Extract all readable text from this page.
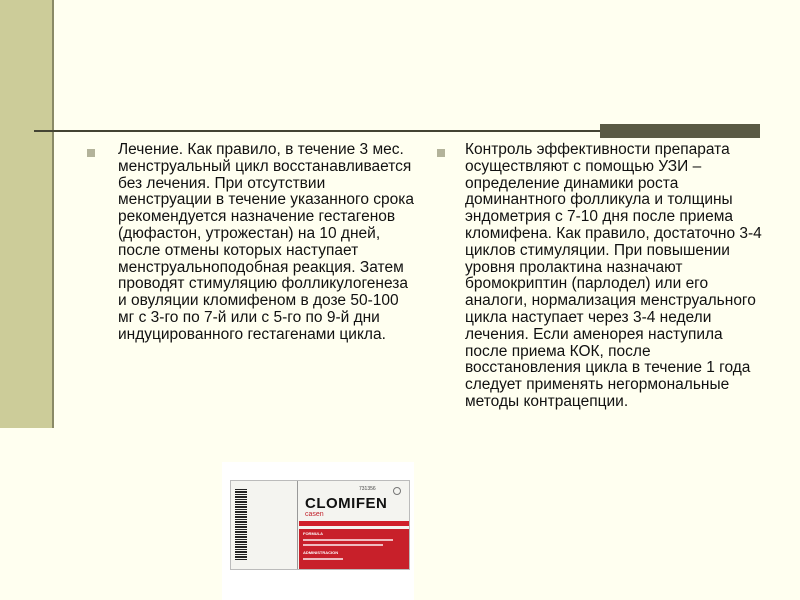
Лечение. Как правило, в течение 3 мес. менструальный цикл восстанавливается без лечения. При отсутствии менструации в течение указанного срока рекомендуется назначение гестагенов (дюфастон, утрожестан) на 10 дней, после отмены которых наступает менструальноподобная реакция. Затем проводят стимуляцию фолликулогенеза и овуляции кломифеном в дозе 50-100 мг с 3-го по 7-й или с 5-го по 9-й дни индуцированного гестагенами цикла.
Контроль эффективности препарата осуществляют с помощью УЗИ – определение динамики роста доминантного фолликула и толщины эндометрия с 7-10 дня после приема кломифена. Как правило, достаточно 3-4 циклов стимуляции. При повышении уровня пролактина назначают бромокриптин (парлодел) или его аналоги, нормализация менструального цикла наступает через 3-4 недели лечения. Если аменорея наступила после приема КОК, после восстановления цикла в течение 1 года следует применять негормональные методы контрацепции.
731356
CLOMIFEN
casen
FORMULA
ADMINISTRACION
